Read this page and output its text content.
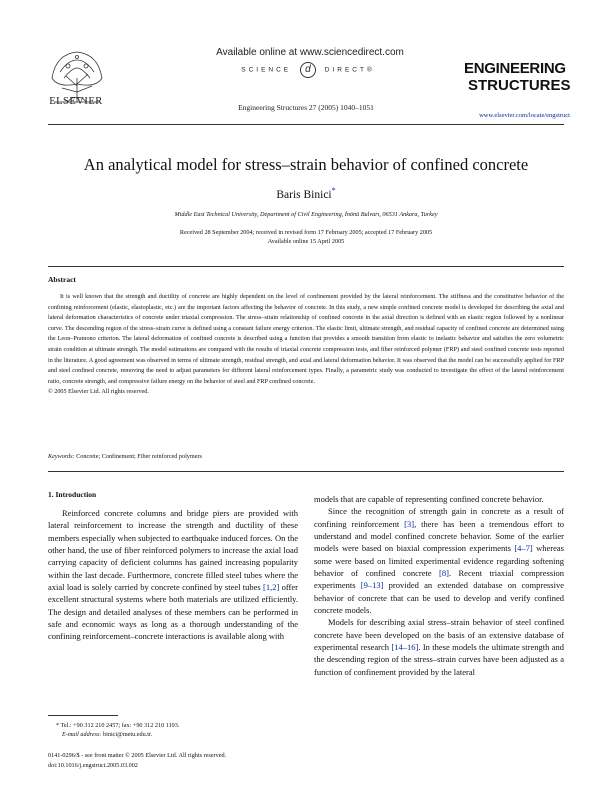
ELSEVIER
Available online at www.sciencedirect.com
SCIENCE d DIRECT®
Engineering Structures 27 (2005) 1040–1051
ENGINEERING
STRUCTURES
www.elsevier.com/locate/engstruct
An analytical model for stress–strain behavior of confined concrete
Baris Binici*
Middle East Technical University, Department of Civil Engineering, İnönü Bulvarı, 06531 Ankara, Turkey
Received 28 September 2004; received in revised form 17 February 2005; accepted 17 February 2005
Available online 15 April 2005
Abstract
It is well known that the strength and ductility of concrete are highly dependent on the level of confinement provided by the lateral reinforcement. The stiffness and the constitutive behavior of the confining reinforcement (elastic, elastoplastic, etc.) are the important factors affecting the behavior of concrete. In this study, a new simple confined concrete model is developed for describing the axial and lateral deformation characteristics of concrete under triaxial compression. The stress–strain relationship of confined concrete in the axial direction is defined with an elastic region followed by a nonlinear curve. The descending region of the stress–strain curve is defined using a constant failure energy criterion. The elastic limit, ultimate strength, and residual capacity of confined concrete are determined using the Leon–Pramono criterion. The lateral deformation of confined concrete is described using a function that provides a smooth transition from elastic to inelastic behavior and satisfies the zero volumetric strain condition at ultimate strength. The model estimations are compared with the results of triaxial concrete compression tests, and fiber reinforced polymer (FRP) and steel confined concrete tests reported in the literature. A good agreement was observed in terms of ultimate strength, residual strength, and axial and lateral deformation behavior. It was observed that the model can be successfully applied for FRP and steel confined concrete, removing the need to adjust parameters for different lateral reinforcement types. Finally, a parametric study was conducted to investigate the effect of the lateral reinforcement ratio, concrete strength, and compressive failure energy on the behavior of steel and FRP confined concrete.
© 2005 Elsevier Ltd. All rights reserved.
Keywords: Concrete; Confinement; Fiber reinforced polymers
1. Introduction

Reinforced concrete columns and bridge piers are provided with lateral reinforcement to increase the strength and ductility of these members especially when subjected to earthquake induced forces. On the other hand, the use of fiber reinforced polymers to increase the axial load carrying capacity of deficient columns has gained increasing popularity within the last decade. Furthermore, concrete filled steel tubes where the axial load is solely carried by concrete confined by steel tubes [1,2] offer excellent structural systems where both materials are utilized efficiently. The design and detailed analyses of these members can be performed in safe and economic ways as long as a thorough understanding of the confining reinforcement–concrete interactions is available along with

models that are capable of representing confined concrete behavior.

Since the recognition of strength gain in concrete as a result of confining reinforcement [3], there has been a tremendous effort to understand and model confined concrete behavior. Some of the earlier models were based on biaxial compression experiments [4–7] whereas some were based on limited experimental evidence regarding softening behavior of confined concrete [8]. Recent triaxial compression experiments [9–13] provided an extended database on compressive behavior of concrete that can be used to develop and verify confined concrete models.

Models for describing axial stress–strain behavior of steel confined concrete have been developed on the basis of an extensive database of experimental research [14–16]. In these models the ultimate strength and the descending region of the stress–strain curves have been adjusted as a function of confinement provided by the lateral

* Tel.: +90 312 210 2457; fax: +90 312 210 1193.
E-mail address: binici@metu.edu.tr.
0141-0296/$ - see front matter © 2005 Elsevier Ltd. All rights reserved.
doi:10.1016/j.engstruct.2005.03.002
